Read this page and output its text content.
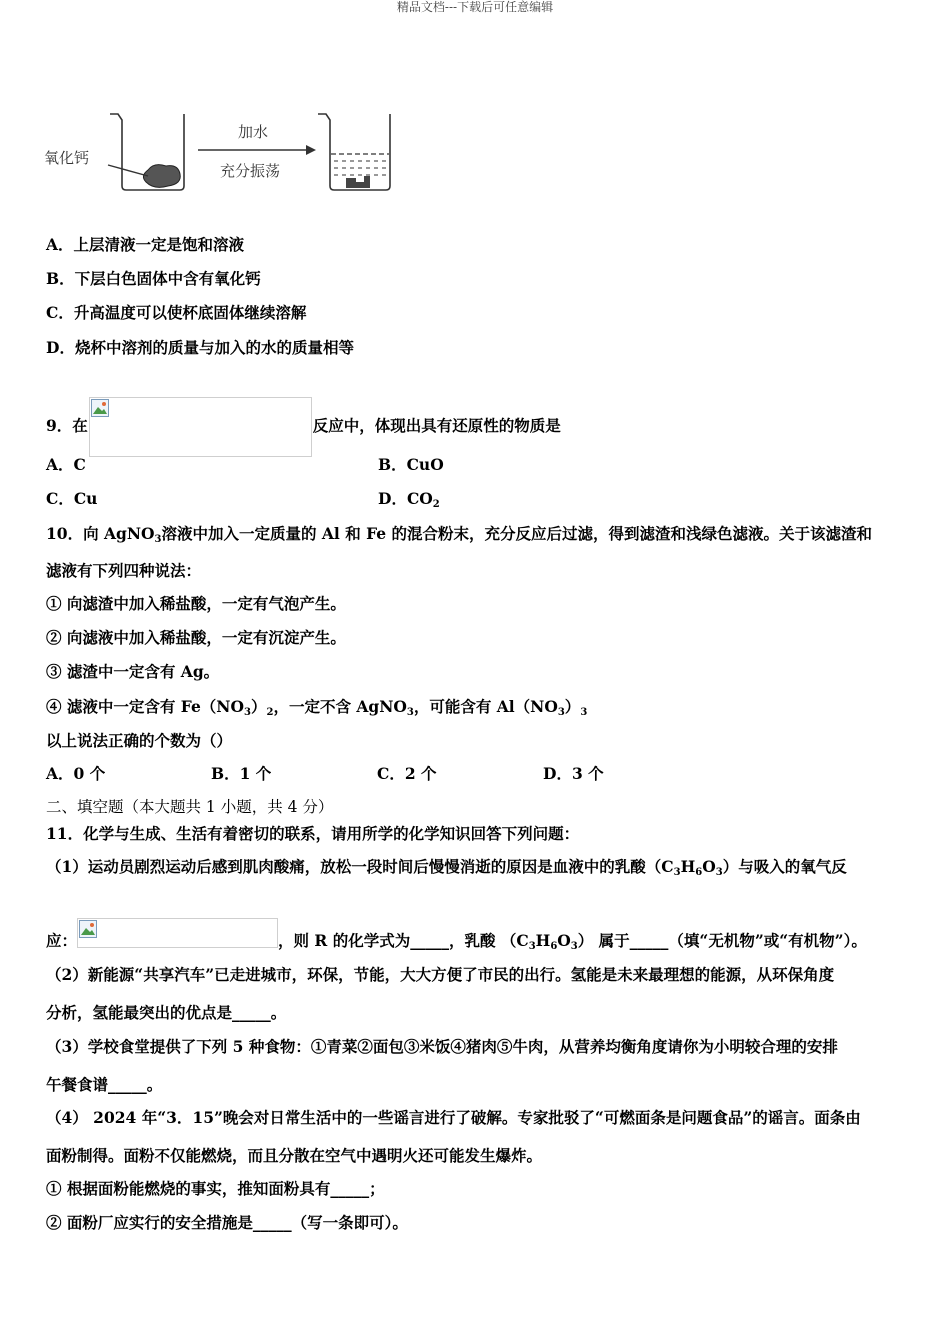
精品文档---下载后可任意编辑
氧化钙
加水
充分振荡
A．上层清液一定是饱和溶液
B．下层白色固体中含有氧化钙
C．升高温度可以使杯底固体继续溶解
D．烧杯中溶剂的质量与加入的水的质量相等
9．在	反应中，体现出具有还原性的物质是
A．C	B．CuO
C．Cu	D．$CO_2$
10．向 AgNO$_3$溶液中加入一定质量的 Al 和 Fe 的混合粉末，充分反应后过滤，得到滤渣和浅绿色滤液。关于该滤渣和
滤液有下列四种说法：
① 向滤渣中加入稀盐酸，一定有气泡产生。
② 向滤液中加入稀盐酸，一定有沉淀产生。
③ 滤渣中一定含有 Ag。
④ 滤液中一定含有 $Fe(NO_3)_2$，一定不含 AgNO$_3$，可能含有 $Al(NO_3)_3$
以上说法正确的个数为（）
A．0 个	B．1 个	C．2 个	D．3 个
二、填空题（本大题共 1 小题，共 4 分）
11．化学与生成、生活有着密切的联系，请用所学的化学知识回答下列问题：
（1）运动员剧烈运动后感到肌肉酸痛，放松一段时间后慢慢消逝的原因是血液中的乳酸$(C_3H_6O_3)$与吸入的氧气反
应：	，则 R 的化学式为_____，乳酸 $(C_3H_6O_3)$ 属于_____（填“无机物”或“有机物”）。
（2）新能源“共享汽车”已走进城市，环保，节能，大大方便了市民的出行。氢能是未来最理想的能源，从环保角度
分析，氢能最突出的优点是_____。
（3）学校食堂提供了下列 5 种食物：①青菜②面包③米饭④猪肉⑤牛肉，从营养均衡角度请你为小明较合理的安排
午餐食谱_____。
（4） 2024 年“3．15”晚会对日常生活中的一些谣言进行了破解。专家批驳了“可燃面条是问题食品”的谣言。面条由
面粉制得。面粉不仅能燃烧，而且分散在空气中遇明火还可能发生爆炸。
① 根据面粉能燃烧的事实，推知面粉具有_____；
② 面粉厂应实行的安全措施是_____（写一条即可）。
